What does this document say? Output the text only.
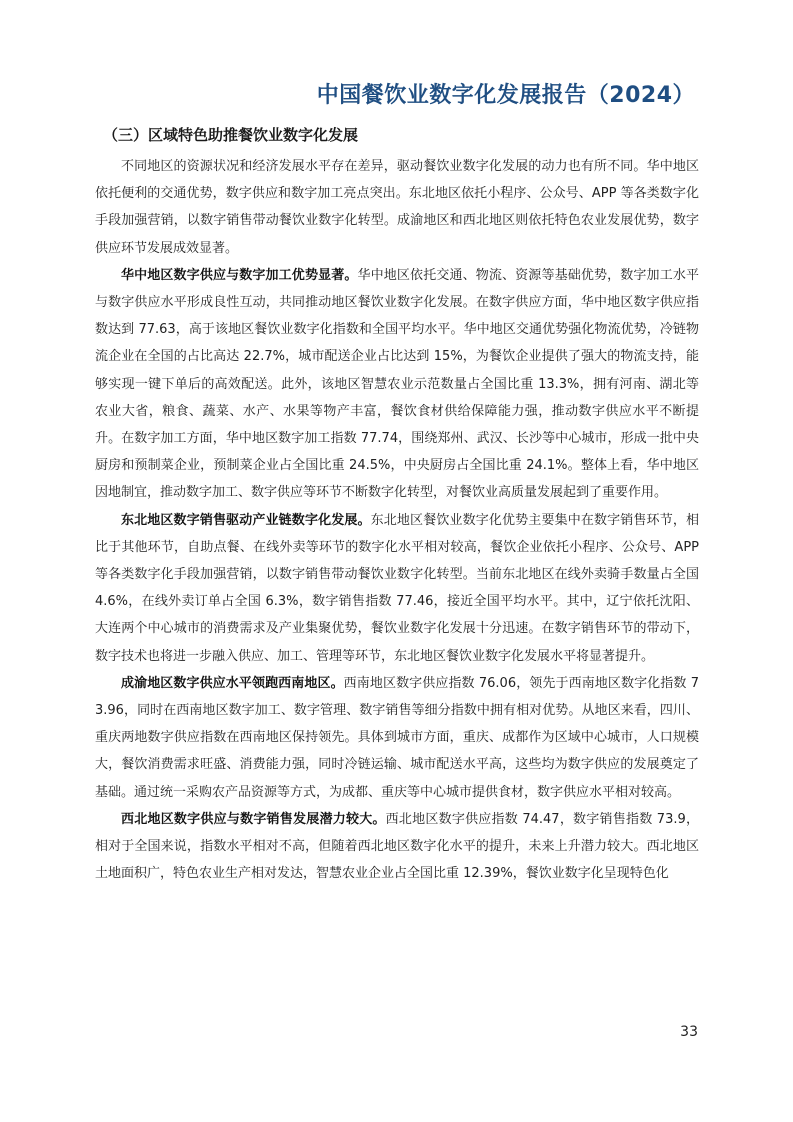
中国餐饮业数字化发展报告（2024）
（三）区域特色助推餐饮业数字化发展

不同地区的资源状况和经济发展水平存在差异，驱动餐饮业数字化发展的动力也有所不同。华中地区依托便利的交通优势，数字供应和数字加工亮点突出。东北地区依托小程序、公众号、APP 等各类数字化手段加强营销，以数字销售带动餐饮业数字化转型。成渝地区和西北地区则依托特色农业发展优势，数字供应环节发展成效显著。

华中地区数字供应与数字加工优势显著。华中地区依托交通、物流、资源等基础优势，数字加工水平与数字供应水平形成良性互动，共同推动地区餐饮业数字化发展。在数字供应方面，华中地区数字供应指数达到 77.63，高于该地区餐饮业数字化指数和全国平均水平。华中地区交通优势强化物流优势，冷链物流企业在全国的占比高达 22.7%，城市配送企业占比达到 15%，为餐饮企业提供了强大的物流支持，能够实现一键下单后的高效配送。此外，该地区智慧农业示范数量占全国比重 13.3%，拥有河南、湖北等农业大省，粮食、蔬菜、水产、水果等物产丰富，餐饮食材供给保障能力强，推动数字供应水平不断提升。在数字加工方面，华中地区数字加工指数 77.74，围绕郑州、武汉、长沙等中心城市，形成一批中央厨房和预制菜企业，预制菜企业占全国比重 24.5%，中央厨房占全国比重 24.1%。整体上看，华中地区因地制宜，推动数字加工、数字供应等环节不断数字化转型，对餐饮业高质量发展起到了重要作用。

东北地区数字销售驱动产业链数字化发展。东北地区餐饮业数字化优势主要集中在数字销售环节，相比于其他环节，自助点餐、在线外卖等环节的数字化水平相对较高，餐饮企业依托小程序、公众号、APP 等各类数字化手段加强营销，以数字销售带动餐饮业数字化转型。当前东北地区在线外卖骑手数量占全国 4.6%，在线外卖订单占全国 6.3%，数字销售指数 77.46，接近全国平均水平。其中，辽宁依托沈阳、大连两个中心城市的消费需求及产业集聚优势，餐饮业数字化发展十分迅速。在数字销售环节的带动下，数字技术也将进一步融入供应、加工、管理等环节，东北地区餐饮业数字化发展水平将显著提升。

成渝地区数字供应水平领跑西南地区。西南地区数字供应指数 76.06，领先于西南地区数字化指数 73.96，同时在西南地区数字加工、数字管理、数字销售等细分指数中拥有相对优势。从地区来看，四川、重庆两地数字供应指数在西南地区保持领先。具体到城市方面，重庆、成都作为区域中心城市，人口规模大，餐饮消费需求旺盛、消费能力强，同时冷链运输、城市配送水平高，这些均为数字供应的发展奠定了基础。通过统一采购农产品资源等方式，为成都、重庆等中心城市提供食材，数字供应水平相对较高。

西北地区数字供应与数字销售发展潜力较大。西北地区数字供应指数 74.47，数字销售指数 73.9，相对于全国来说，指数水平相对不高，但随着西北地区数字化水平的提升，未来上升潜力较大。西北地区土地面积广，特色农业生产相对发达，智慧农业企业占全国比重 12.39%，餐饮业数字化呈现特色化

33
